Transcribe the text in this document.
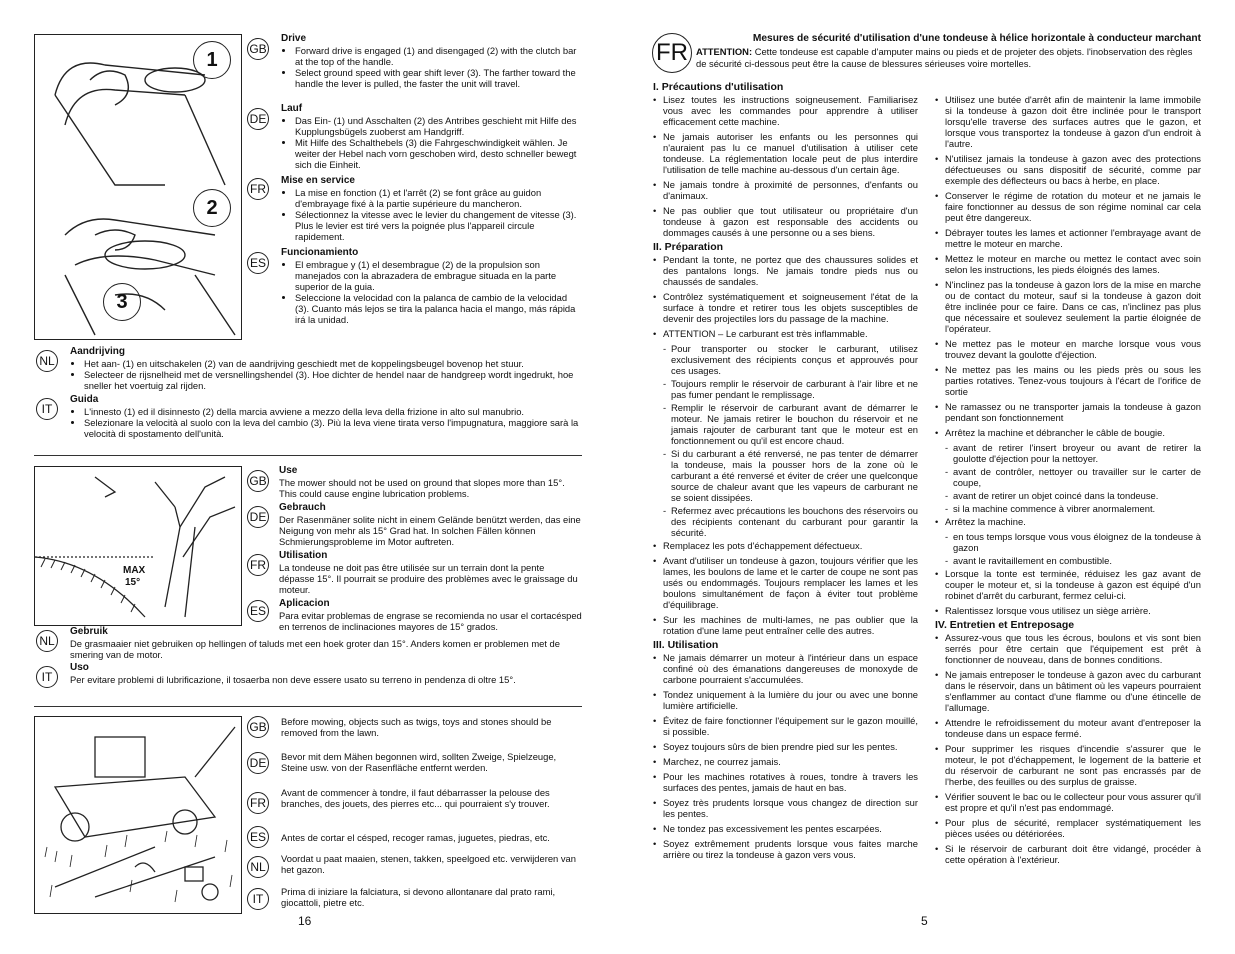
1
2
3
GB
Drive
• Forward drive is engaged (1) and disengaged (2) with the clutch bar at the top of the handle.
• Select ground speed with gear shift lever (3). The farther toward the handle the lever is pulled, the faster the unit will travel.
DE
Lauf
• Das Ein- (1) und Asschalten (2) des Antribes geschieht mit Hilfe des Kupplungsbügels zuoberst am Handgriff.
• Mit Hilfe des Schalthebels (3) die Fahrgeschwindigkeit wählen. Je weiter der Hebel nach vorn geschoben wird, desto schneller bewegt sich die Einheit.
FR
Mise en service
• La mise en fonction (1) et l'arrêt (2) se font grâce au guidon d'embrayage fixé à la partie supérieure du mancheron.
• Sélectionnez la vitesse avec le levier du changement de vitesse (3). Plus le levier est tiré vers la poignée plus l'appareil circule rapidement.
ES
Funcionamiento
• El embrague y (1) el desembrague (2) de la propulsion son manejados con la abrazadera de embrague situada en la parte superior de la guia.
• Seleccione la velocidad con la palanca de cambio de la velocidad (3). Cuanto más lejos se tira la palanca hacia el mango, más rápida irá la unidad.
NL
Aandrijving
• Het aan- (1) en uitschakelen (2) van de aandrijving geschiedt met de koppelingsbeugel bovenop het stuur.
• Selecteer de rijsnelheid met de versnellingshendel (3). Hoe dichter de hendel naar de handgreep wordt ingedrukt, hoe sneller het voertuig zal rijden.
IT
Guida
• L'innesto (1) ed il disinnesto (2) della marcia avviene a mezzo della leva della frizione in alto sul manubrio.
• Selezionare la velocità al suolo con la leva del cambio (3). Più la leva viene tirata verso l'impugnatura, maggiore sarà la velocità di spostamento dell'unità.
MAX
15°
GB
Use

The mower should not be used on ground that slopes more than 15°. This could cause engine lubrication problems.

DE
Gebrauch

Der Rasenmäner solite nicht in einem Gelände benützt werden, das eine Neigung von mehr als 15° Grad hat. In solchen Fällen können Schmierungsprobleme im Motor auftreten.

FR
Utilisation

La tondeuse ne doit pas être utilisée sur un terrain dont la pente dépasse 15°. Il pourrait se produire des problèmes avec le graissage du moteur.

ES
Aplicacion

Para evitar problemas de engrase se recomienda no usar el cortacésped en terrenos de inclinaciones mayores de 15° grados.

NL
Gebruik

De grasmaaier niet gebruiken op hellingen of taluds met een hoek groter dan 15°. Anders komen er problemen met de smering van de motor.

IT
Uso

Per evitare problemi di lubrificazione, il tosaerba non deve essere usato su terreno in pendenza di oltre 15°.

GB Before mowing, objects such as twigs, toys and stones should be removed from the lawn.

DE Bevor mit dem Mähen begonnen wird, sollten Zweige, Spielzeuge, Steine usw. von der Rasenfläche entfernt werden.

FR

Avant de commencer à tondre, il faut débarrasser la pelouse des branches, des jouets, des pierres etc... qui pourraient s'y trouver.

ES	Antes de cortar el césped, recoger ramas, juguetes, piedras, etc.

NL

Voordat u paat maaien, stenen, takken, speelgoed etc. verwijderen van het gazon.

IT

Prima di iniziare la falciatura, si devono allontanare dal prato rami, giocattoli, pietre etc.

16
FR
Mesures de sécurité d'utilisation d'une tondeuse à hélice horizontale à conducteur marchant
ATTENTION: Cette tondeuse est capable d'amputer mains ou pieds et de projeter des objets. l'inobservation des règles de sécurité ci-dessous peut être la cause de blessures sérieuses voire mortelles.
I. Précautions d'utilisation
• Lisez toutes les instructions soigneusement. Familiarisez vous avec les commandes pour apprendre à utiliser efficacement cette machine.
• Ne jamais autoriser les enfants ou les personnes qui n'auraient pas lu ce manuel d'utilisation à utiliser cete tondeuse. La réglementation locale peut de plus interdire l'utilisation de telle machine au-dessous d'un certain âge.
• Ne jamais tondre à proximité de personnes, d'enfants ou d'animaux.
• Ne pas oublier que tout utilisateur ou propriétaire d'un tondeuse à gazon est responsable des accidents ou dommages causés à une personne ou a ses biens.
II. Préparation
• Pendant la tonte, ne portez que des chaussures solides et des pantalons longs. Ne jamais tondre pieds nus ou chaussés de sandales.
• Contrôlez systématiquement et soigneusement l'état de la surface à tondre et retirer tous les objets susceptibles de devenir des projectiles lors du passage de la machine.
• ATTENTION – Le carburant est très inflammable.
- Pour transporter ou stocker le carburant, utilisez exclusivement des récipients conçus et approuvés pour ces usages.
- Toujours remplir le réservoir de carburant à l'air libre et ne pas fumer pendant le remplissage.
- Remplir le réservoir de carburant avant de démarrer le moteur. Ne jamais retirer le bouchon du réservoir et ne jamais rajouter de carburant tant que le moteur est en fonctionnement ou qu'il est encore chaud.
- Si du carburant a été renversé, ne pas tenter de démarrer la tondeuse, mais la pousser hors de la zone où le carburant a été renversé et éviter de créer une quelconque source de chaleur avant que les vapeurs de carburant ne se soient dissipées.
- Refermez avec précautions les bouchons des réservoirs ou des récipients contenant du carburant pour garantir la sécurité.
• Remplacez les pots d'échappement défectueux.
• Avant d'utiliser un tondeuse à gazon, toujours vérifier que les lames, les boulons de lame et le carter de coupe ne sont pas usés ou endommagés. Toujours remplacer les lames et les boulons simultanément de façon à éviter tout problème d'équilibrage.
• Sur les machines de multi-lames, ne pas oublier que la rotation d'une lame peut entraîner celle des autres.
III. Utilisation
• Ne jamais démarrer un moteur à l'intérieur dans un espace confiné où des émanations dangereuses de monoxyde de carbone pourraient s'accumulées.
• Tondez uniquement à la lumière du jour ou avec une bonne lumière artificielle.
• Évitez de faire fonctionner l'équipement sur le gazon mouillé, si possible.
• Soyez toujours sûrs de bien prendre pied sur les pentes.
• Marchez, ne courrez jamais.
• Pour les machines rotatives à roues, tondre à travers les surfaces des pentes, jamais de haut en bas.
• Soyez très prudents lorsque vous changez de direction sur les pentes.
• Ne tondez pas excessivement les pentes escarpées.
• Soyez extrêmement prudents lorsque vous faites marche arrière ou tirez la tondeuse à gazon vers vous.
• Utilisez une butée d'arrêt afin de maintenir la lame immobile si la tondeuse à gazon doit être inclinée pour le transport lorsqu'elle traverse des surfaces autres que le gazon, et lorsque vous transportez la tondeuse à gazon d'un endroit à l'autre.
• N'utilisez jamais la tondeuse à gazon avec des protections défectueuses ou sans dispositif de sécurité, comme par exemple des déflecteurs ou bacs à herbe, en place.
• Conserver le régime de rotation du moteur et ne jamais le faire fonctionner au dessus de son régime nominal car cela peut être dangereux.
• Débrayer toutes les lames et actionner l'embrayage avant de mettre le moteur en marche.
• Mettez le moteur en marche ou mettez le contact avec soin selon les instructions, les pieds éloignés des lames.
• N'inclinez pas la tondeuse à gazon lors de la mise en marche ou de contact du moteur, sauf si la tondeuse à gazon doit être inclinée pour ce faire. Dans ce cas, n'inclinez pas plus que nécessaire et soulevez seulement la partie éloignée de l'opérateur.
• Ne mettez pas le moteur en marche lorsque vous vous trouvez devant la goulotte d'éjection.
• Ne mettez pas les mains ou les pieds près ou sous les parties rotatives. Tenez-vous toujours à l'écart de l'orifice de sortie
• Ne ramassez ou ne transporter jamais la tondeuse à gazon pendant son fonctionnement
• Arrêtez la machine et débrancher le câble de bougie.
- avant de retirer l'insert broyeur ou avant de retirer la goulotte d'éjection pour la nettoyer.
- avant de contrôler, nettoyer ou travailler sur le carter de coupe,
- avant de retirer un objet coincé dans la tondeuse.
- si la machine commence à vibrer anormalement.
• Arrêtez la machine.
- en tous temps lorsque vous vous éloignez de la tondeuse à gazon
- avant le ravitaillement en combustible.
• Lorsque la tonte est terminée, réduisez les gaz avant de couper le moteur et, si la tondeuse à gazon est équipé d'un robinet d'arrêt du carburant, fermez celui-ci.
• Ralentissez lorsque vous utilisez un siège arrière.
IV. Entretien et Entreposage
• Assurez-vous que tous les écrous, boulons et vis sont bien serrés pour être certain que l'équipement est prêt à fonctionner de nouveau, dans de bonnes conditions.
• Ne jamais entreposer le tondeuse à gazon avec du carburant dans le réservoir, dans un bâtiment où les vapeurs pourraient s'enflammer au contact d'une flamme ou d'une étincelle de l'allumage.
• Attendre le refroidissement du moteur avant d'entreposer la tondeuse dans un espace fermé.
• Pour supprimer les risques d'incendie s'assurer que le moteur, le pot d'échappement, le logement de la batterie et du réservoir de carburant ne sont pas encrassés par de l'herbe, des feuilles ou des surplus de graisse.
• Vérifier souvent le bac ou le collecteur pour vous assurer qu'il est propre et qu'il n'est pas endommagé.
• Pour plus de sécurité, remplacer systématiquement les pièces usées ou détériorées.
• Si le réservoir de carburant doit être vidangé, procéder à cette opération à l'extérieur.
5
